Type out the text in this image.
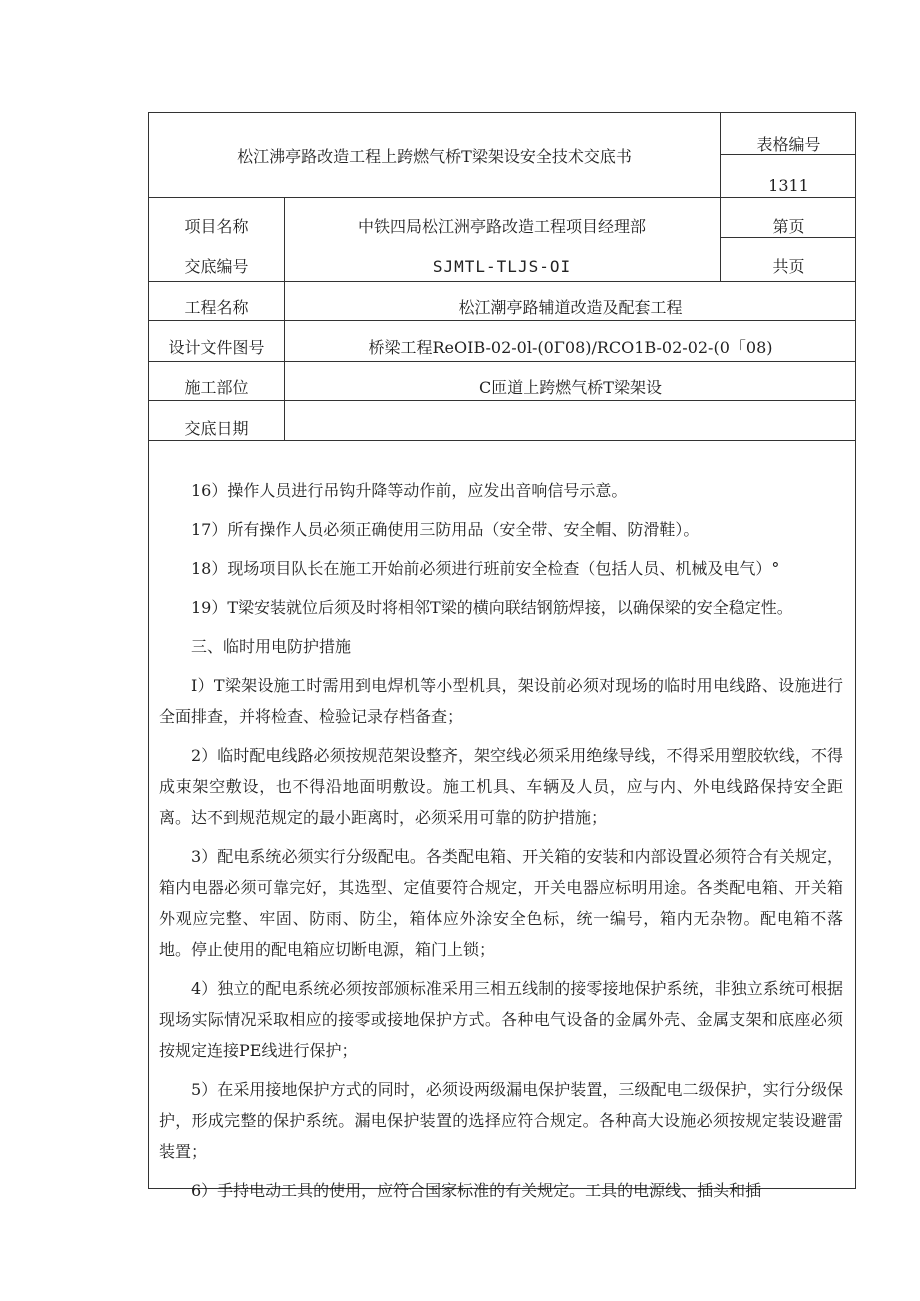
松江沸亭路改造工程上跨燃气桥T梁架设安全技术交底书
表格编号
1311
项目名称	中铁四局松江洲亭路改造工程项目经理部	第页
交底编号	SJMTL-TLJS-OI	共页
工程名称	松江潮亭路辅道改造及配套工程
设计文件图号	桥梁工程ReOIB-02-0l-(0Γ08)/RCO1B-02-02-(0「08)
施工部位	C匝道上跨燃气桥T梁架设
交底日期

16）操作人员进行吊钩升降等动作前，应发出音响信号示意。

17）所有操作人员必须正确使用三防用品（安全带、安全帽、防滑鞋）。

18）现场项目队长在施工开始前必须进行班前安全检查（包括人员、机械及电气）°

19）T梁安装就位后须及时将相邻T梁的横向联结钢筋焊接，以确保梁的安全稳定性。

三、临时用电防护措施

I）T梁架设施工时需用到电焊机等小型机具，架设前必须对现场的临时用电线路、设施进行全面排查，并将检查、检验记录存档备查；

2）临时配电线路必须按规范架设整齐，架空线必须采用绝缘导线，不得采用塑胶软线，不得成束架空敷设，也不得沿地面明敷设。施工机具、车辆及人员，应与内、外电线路保持安全距离。达不到规范规定的最小距离时，必须采用可靠的防护措施；

3）配电系统必须实行分级配电。各类配电箱、开关箱的安装和内部设置必须符合有关规定，箱内电器必须可靠完好，其选型、定值要符合规定，开关电器应标明用途。各类配电箱、开关箱外观应完整、牢固、防雨、防尘，箱体应外涂安全色标，统一编号，箱内无杂物。配电箱不落地。停止使用的配电箱应切断电源，箱门上锁；

4）独立的配电系统必须按部颁标准采用三相五线制的接零接地保护系统，非独立系统可根据现场实际情况采取相应的接零或接地保护方式。各种电气设备的金属外壳、金属支架和底座必须按规定连接PE线进行保护；

5）在采用接地保护方式的同时，必须设两级漏电保护装置，三级配电二级保护，实行分级保护，形成完整的保护系统。漏电保护装置的选择应符合规定。各种高大设施必须按规定装设避雷装置；

6）手持电动工具的使用，应符合国家标准的有关规定。工具的电源线、插头和插
